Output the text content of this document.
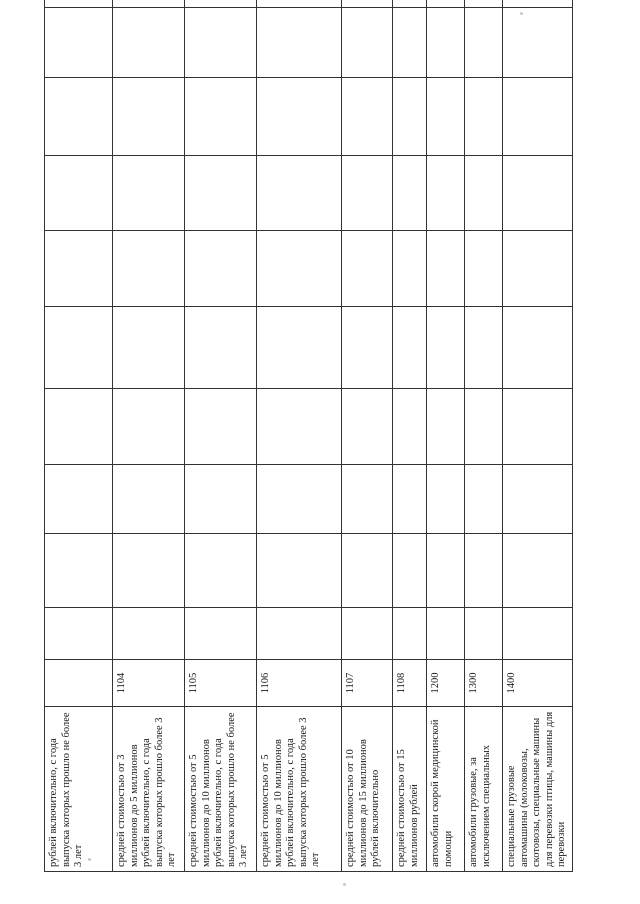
рублей включительно, с года выпуска которых прошло не более 3 лет											
средней стоимостью от 3 миллионов до 5 миллионов рублей включительно, с года выпуска которых прошло более 3 лет	1104										
средней стоимостью от 5 миллионов до 10 миллионов рублей включительно, с года выпуска которых прошло не более 3 лет	1105										
средней стоимостью от 5 миллионов до 10 миллионов рублей включительно, с года выпуска которых прошло более 3 лет	1106										
средней стоимостью от 10 миллионов до 15 миллионов рублей включительно	1107										
средней стоимостью от 15 миллионов рублей	1108										
автомобили скорой медицинской помощи	1200										
автомобили грузовые, за исключением специальных	1300										
специальные грузовые автомашины (молоковозы, скотовозы, специальные машины для перевозки птицы, машины для перевозки	1400										
